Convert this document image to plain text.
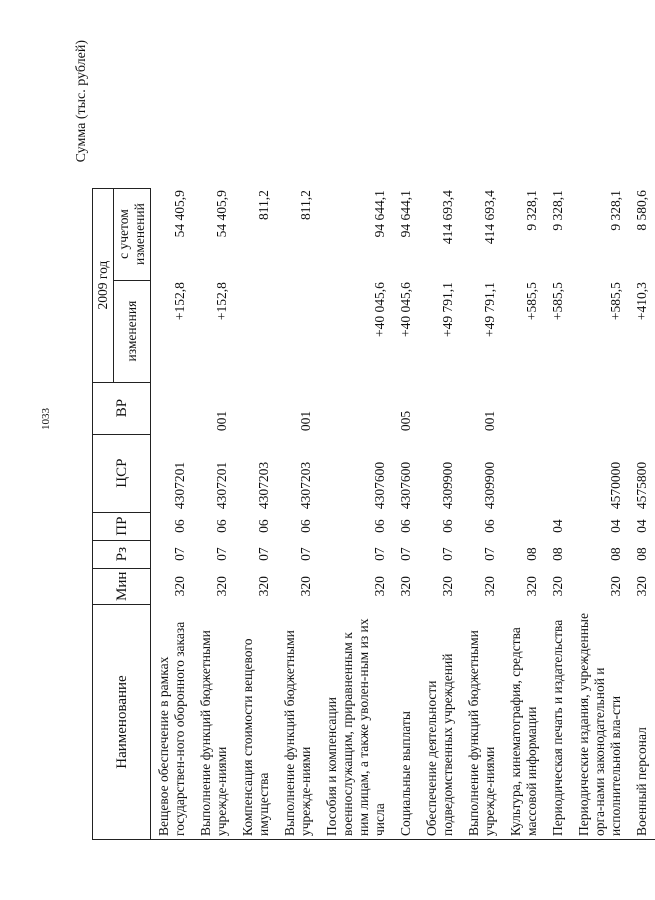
1033
Сумма (тыс. рублей)
Наименование	Мин	Рз	ПР	ЦСР	ВР	2009 год		
						изменения		с учетом изменений
Вещевое обеспечение в рамках государствен-ного оборонного заказа	320	07	06	4307201			+152,8	54 405,9
Выполнение функций бюджетными учрежде-ниями	320	07	06	4307201	001		+152,8	54 405,9
Компенсация стоимости вещевого имущества	320	07	06	4307203				811,2
Выполнение функций бюджетными учрежде-ниями	320	07	06	4307203	001			811,2
Пособия и компенсации военнослужащим, приравненным к ним лицам, а также уволен-ным из их числа	320	07	06	4307600			+40 045,6	94 644,1
Социальные выплаты	320	07	06	4307600	005		+40 045,6	94 644,1
Обеспечение деятельности подведомственных учреждений	320	07	06	4309900			+49 791,1	414 693,4
Выполнение функций бюджетными учрежде-ниями	320	07	06	4309900	001		+49 791,1	414 693,4
Культура, кинематография, средства массовой информации	320	08					+585,5	9 328,1
Периодическая печать и издательства	320	08	04				+585,5	9 328,1
Периодические издания, учрежденные орга-нами законодательной и исполнительной вла-сти	320	08	04	4570000			+585,5	9 328,1
Военный персонал	320	08	04	4575800			+410,3	8 580,6
